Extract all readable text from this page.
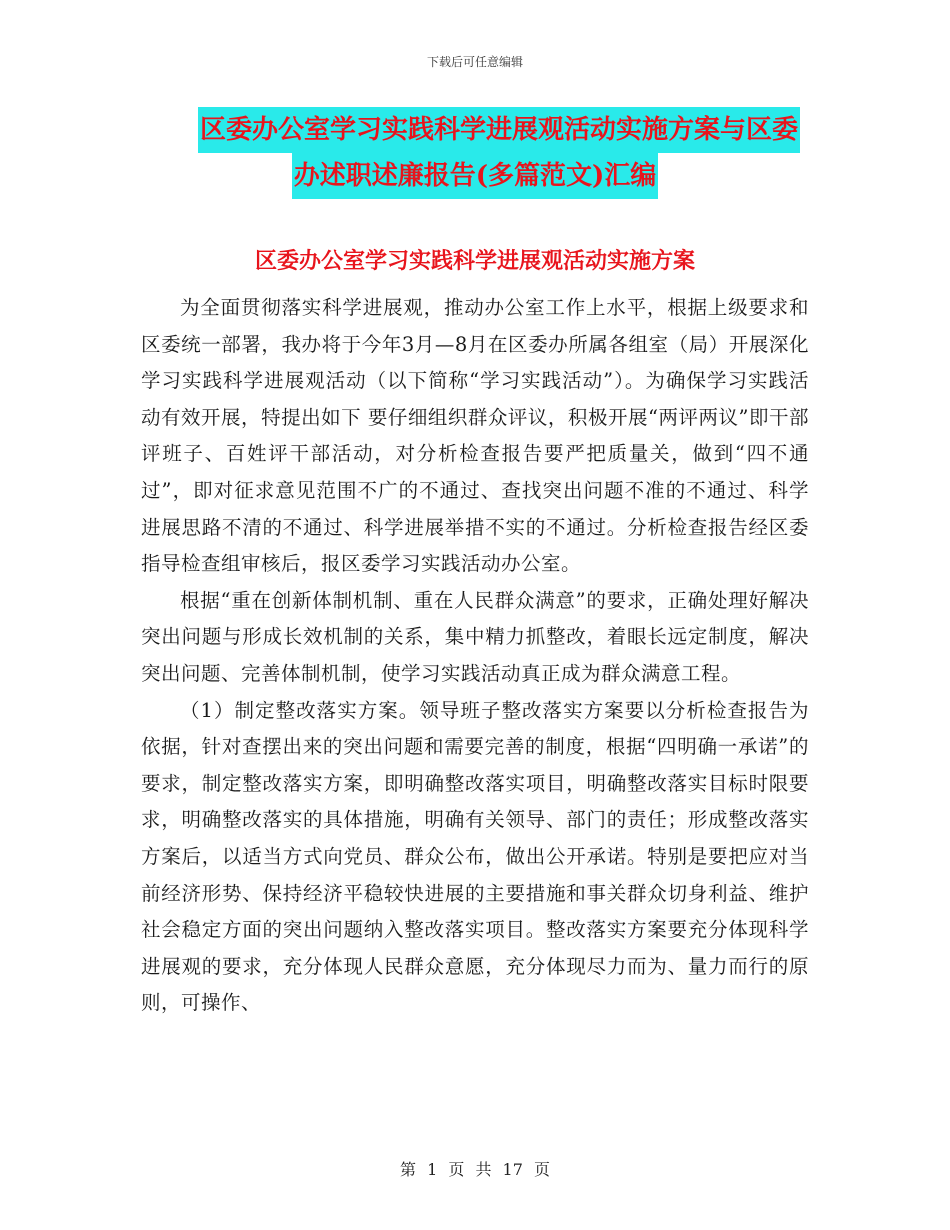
下载后可任意编辑
区委办公室学习实践科学进展观活动实施方案与区委
办述职述廉报告(多篇范文)汇编
区委办公室学习实践科学进展观活动实施方案

为全面贯彻落实科学进展观，推动办公室工作上水平，根据上级要求和区委统一部署，我办将于今年3月—8月在区委办所属各组室（局）开展深化学习实践科学进展观活动（以下简称“学习实践活动”）。为确保学习实践活动有效开展，特提出如下 要仔细组织群众评议，积极开展“两评两议”即干部评班子、百姓评干部活动，对分析检查报告要严把质量关，做到“四不通过”，即对征求意见范围不广的不通过、查找突出问题不准的不通过、科学进展思路不清的不通过、科学进展举措不实的不通过。分析检查报告经区委指导检查组审核后，报区委学习实践活动办公室。

根据“重在创新体制机制、重在人民群众满意”的要求，正确处理好解决突出问题与形成长效机制的关系，集中精力抓整改，着眼长远定制度，解决突出问题、完善体制机制，使学习实践活动真正成为群众满意工程。

（1）制定整改落实方案。领导班子整改落实方案要以分析检查报告为依据，针对查摆出来的突出问题和需要完善的制度，根据“四明确一承诺”的要求，制定整改落实方案，即明确整改落实项目，明确整改落实目标时限要求，明确整改落实的具体措施，明确有关领导、部门的责任；形成整改落实方案后，以适当方式向党员、群众公布，做出公开承诺。特别是要把应对当前经济形势、保持经济平稳较快进展的主要措施和事关群众切身利益、维护社会稳定方面的突出问题纳入整改落实项目。整改落实方案要充分体现科学进展观的要求，充分体现人民群众意愿，充分体现尽力而为、量力而行的原则，可操作、

第 1 页 共 17 页
